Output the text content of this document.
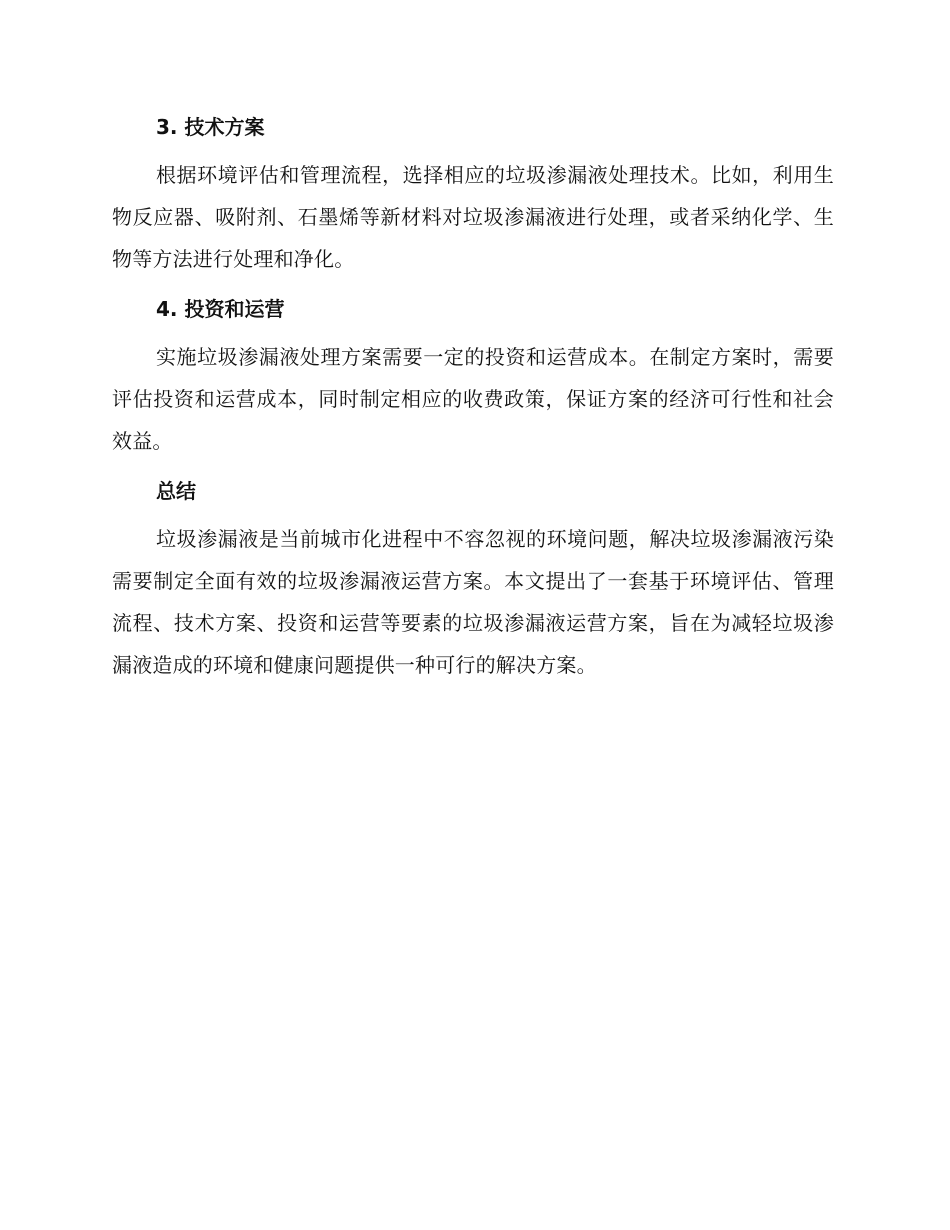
3. 技术方案

根据环境评估和管理流程，选择相应的垃圾渗漏液处理技术。比如，利用生物反应器、吸附剂、石墨烯等新材料对垃圾渗漏液进行处理，或者采纳化学、生物等方法进行处理和净化。

4. 投资和运营

实施垃圾渗漏液处理方案需要一定的投资和运营成本。在制定方案时，需要评估投资和运营成本，同时制定相应的收费政策，保证方案的经济可行性和社会效益。

总结

垃圾渗漏液是当前城市化进程中不容忽视的环境问题，解决垃圾渗漏液污染需要制定全面有效的垃圾渗漏液运营方案。本文提出了一套基于环境评估、管理流程、技术方案、投资和运营等要素的垃圾渗漏液运营方案，旨在为减轻垃圾渗漏液造成的环境和健康问题提供一种可行的解决方案。
